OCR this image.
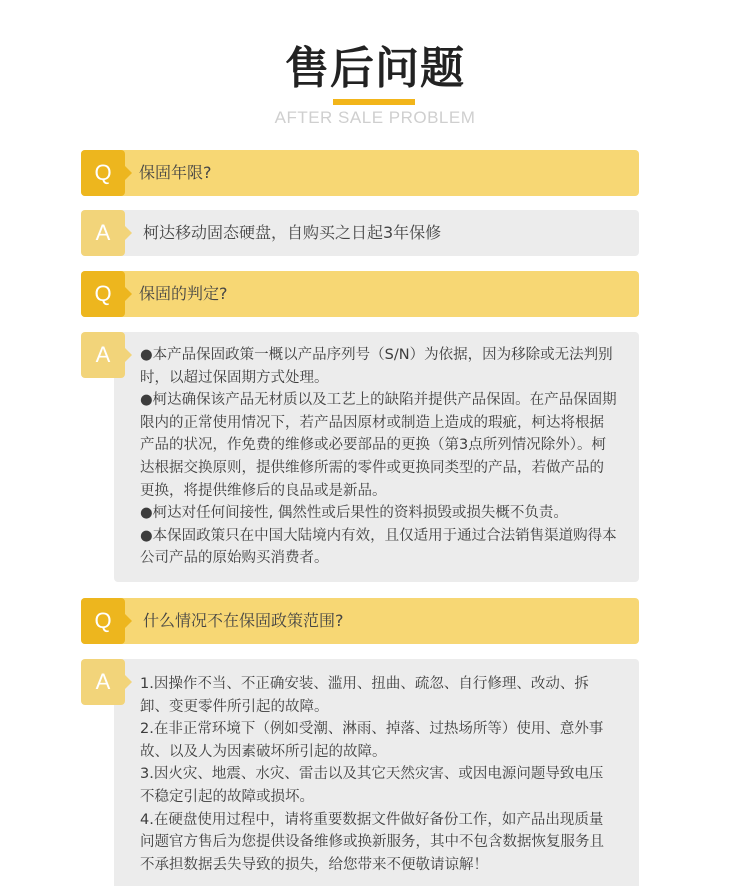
售后问题
AFTER SALE PROBLEM
Q	保固年限?
A	柯达移动固态硬盘，自购买之日起3年保修
Q	保固的判定?
A	●本产品保固政策一概以产品序列号（S/N）为依据，因为移除或无法判别时，以超过保固期方式处理。

●柯达确保该产品无材质以及工艺上的缺陷并提供产品保固。在产品保固期限内的正常使用情况下，若产品因原材或制造上造成的瑕疵，柯达将根据产品的状况，作免费的维修或必要部品的更换（第3点所列情况除外）。柯达根据交换原则，提供维修所需的零件或更换同类型的产品，若做产品的更换，将提供维修后的良品或是新品。

●柯达对任何间接性, 偶然性或后果性的资料损毁或损失概不负责。

●本保固政策只在中国大陆境内有效，且仅适用于通过合法销售渠道购得本公司产品的原始购买消费者。

Q	什么情况不在保固政策范围?
A	1.因操作不当、不正确安装、滥用、扭曲、疏忽、自行修理、改动、拆卸、变更零件所引起的故障。

2.在非正常环境下（例如受潮、淋雨、掉落、过热场所等）使用、意外事故、以及人为因素破坏所引起的故障。

3.因火灾、地震、水灾、雷击以及其它天然灾害、或因电源问题导致电压不稳定引起的故障或损坏。

4.在硬盘使用过程中，请将重要数据文件做好备份工作，如产品出现质量问题官方售后为您提供设备维修或换新服务，其中不包含数据恢复服务且不承担数据丢失导致的损失，给您带来不便敬请谅解！
